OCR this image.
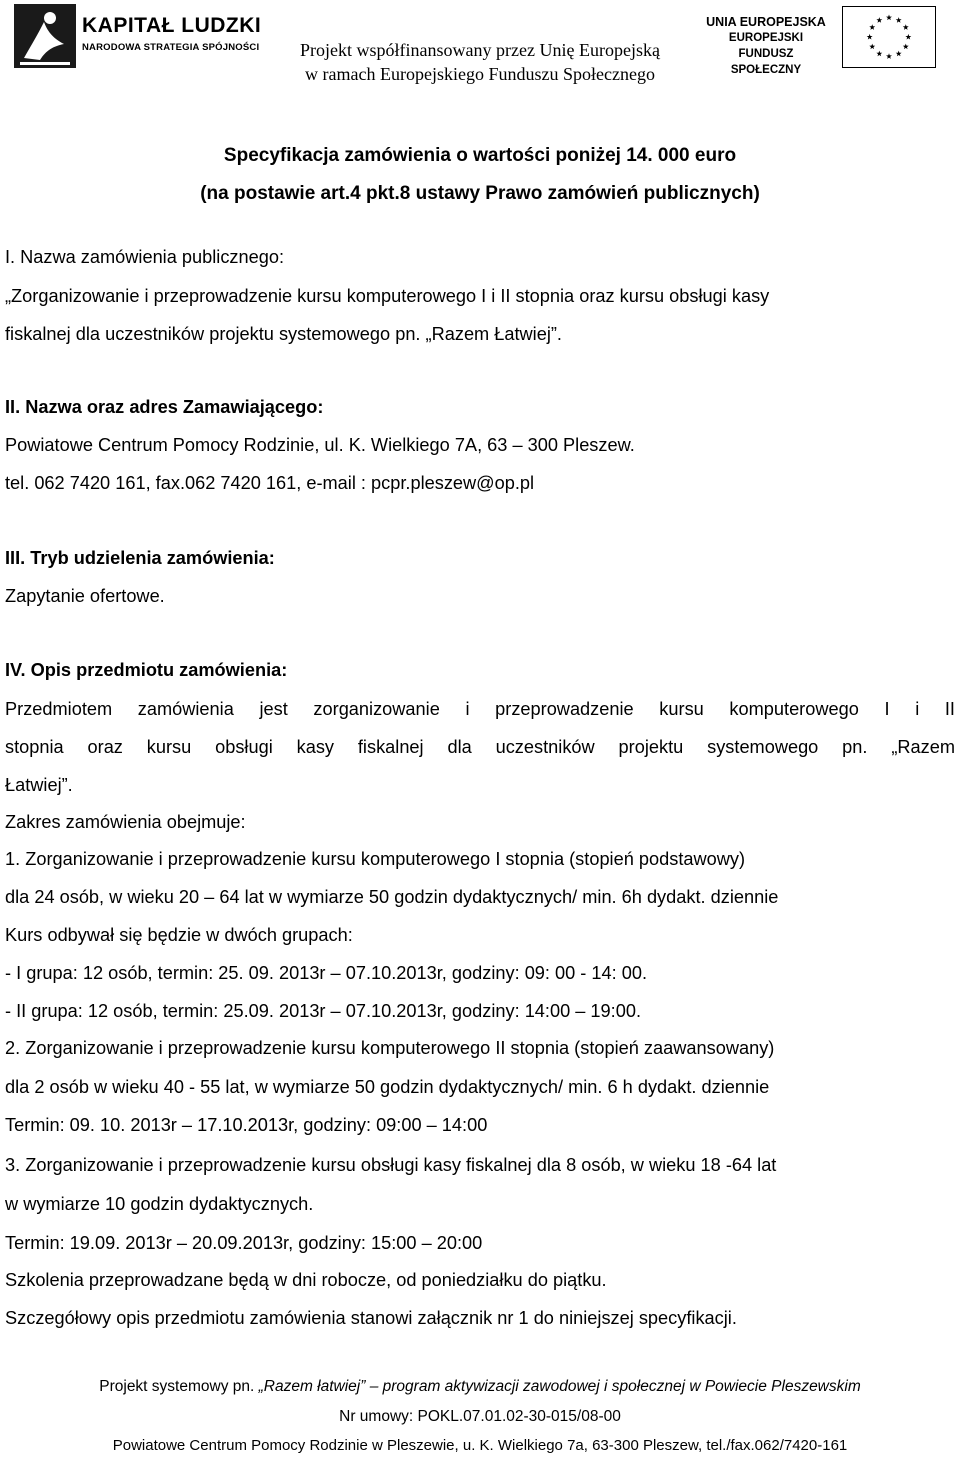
KAPITAŁ LUDZKI
NARODOWA STRATEGIA SPÓJNOŚCI	Projekt współfinansowany przez Unię Europejską
w ramach Europejskiego Funduszu Społecznego
UNIA EUROPEJSKA
EUROPEJSKI
FUNDUSZ SPOŁECZNY
Specyfikacja zamówienia o wartości poniżej 14. 000 euro
(na postawie art.4 pkt.8 ustawy Prawo zamówień publicznych)
I. Nazwa zamówienia publicznego:
„Zorganizowanie i przeprowadzenie kursu komputerowego I i II stopnia oraz kursu obsługi kasy
fiskalnej dla uczestników projektu systemowego pn. „Razem Łatwiej”.
II. Nazwa oraz adres Zamawiającego:
Powiatowe Centrum Pomocy Rodzinie, ul. K. Wielkiego 7A, 63 – 300 Pleszew.
tel. 062 7420 161, fax.062 7420 161, e-mail : pcpr.pleszew@op.pl
III. Tryb udzielenia zamówienia:
Zapytanie ofertowe.
IV. Opis przedmiotu zamówienia:
Przedmiotem zamówienia jest zorganizowanie i przeprowadzenie kursu komputerowego I i II
stopnia oraz kursu obsługi kasy fiskalnej dla uczestników projektu systemowego pn. „Razem
Łatwiej”.
Zakres zamówienia obejmuje:
1. Zorganizowanie i przeprowadzenie kursu komputerowego I stopnia (stopień podstawowy)
dla 24 osób, w wieku 20 – 64 lat w wymiarze 50 godzin dydaktycznych/ min. 6h dydakt. dziennie
Kurs odbywał się będzie w dwóch grupach:
- I grupa: 12 osób, termin: 25. 09. 2013r – 07.10.2013r, godziny: 09: 00 - 14: 00.
- II grupa: 12 osób, termin: 25.09. 2013r – 07.10.2013r, godziny: 14:00 – 19:00.
2. Zorganizowanie i przeprowadzenie kursu komputerowego II stopnia (stopień zaawansowany)
dla 2 osób w wieku 40 - 55 lat, w wymiarze 50 godzin dydaktycznych/ min. 6 h dydakt. dziennie
Termin: 09. 10. 2013r – 17.10.2013r, godziny: 09:00 – 14:00
3. Zorganizowanie i przeprowadzenie kursu obsługi kasy fiskalnej dla 8 osób, w wieku 18 -64 lat
w wymiarze 10 godzin dydaktycznych.
Termin: 19.09. 2013r – 20.09.2013r, godziny: 15:00 – 20:00
Szkolenia przeprowadzane będą w dni robocze, od poniedziałku do piątku.
Szczegółowy opis przedmiotu zamówienia stanowi załącznik nr 1 do niniejszej specyfikacji.
Projekt systemowy pn. „Razem łatwiej” – program aktywizacji zawodowej i społecznej w Powiecie Pleszewskim
Nr umowy: POKL.07.01.02-30-015/08-00
Powiatowe Centrum Pomocy Rodzinie w Pleszewie, u. K. Wielkiego 7a, 63-300 Pleszew, tel./fax.062/7420-161
